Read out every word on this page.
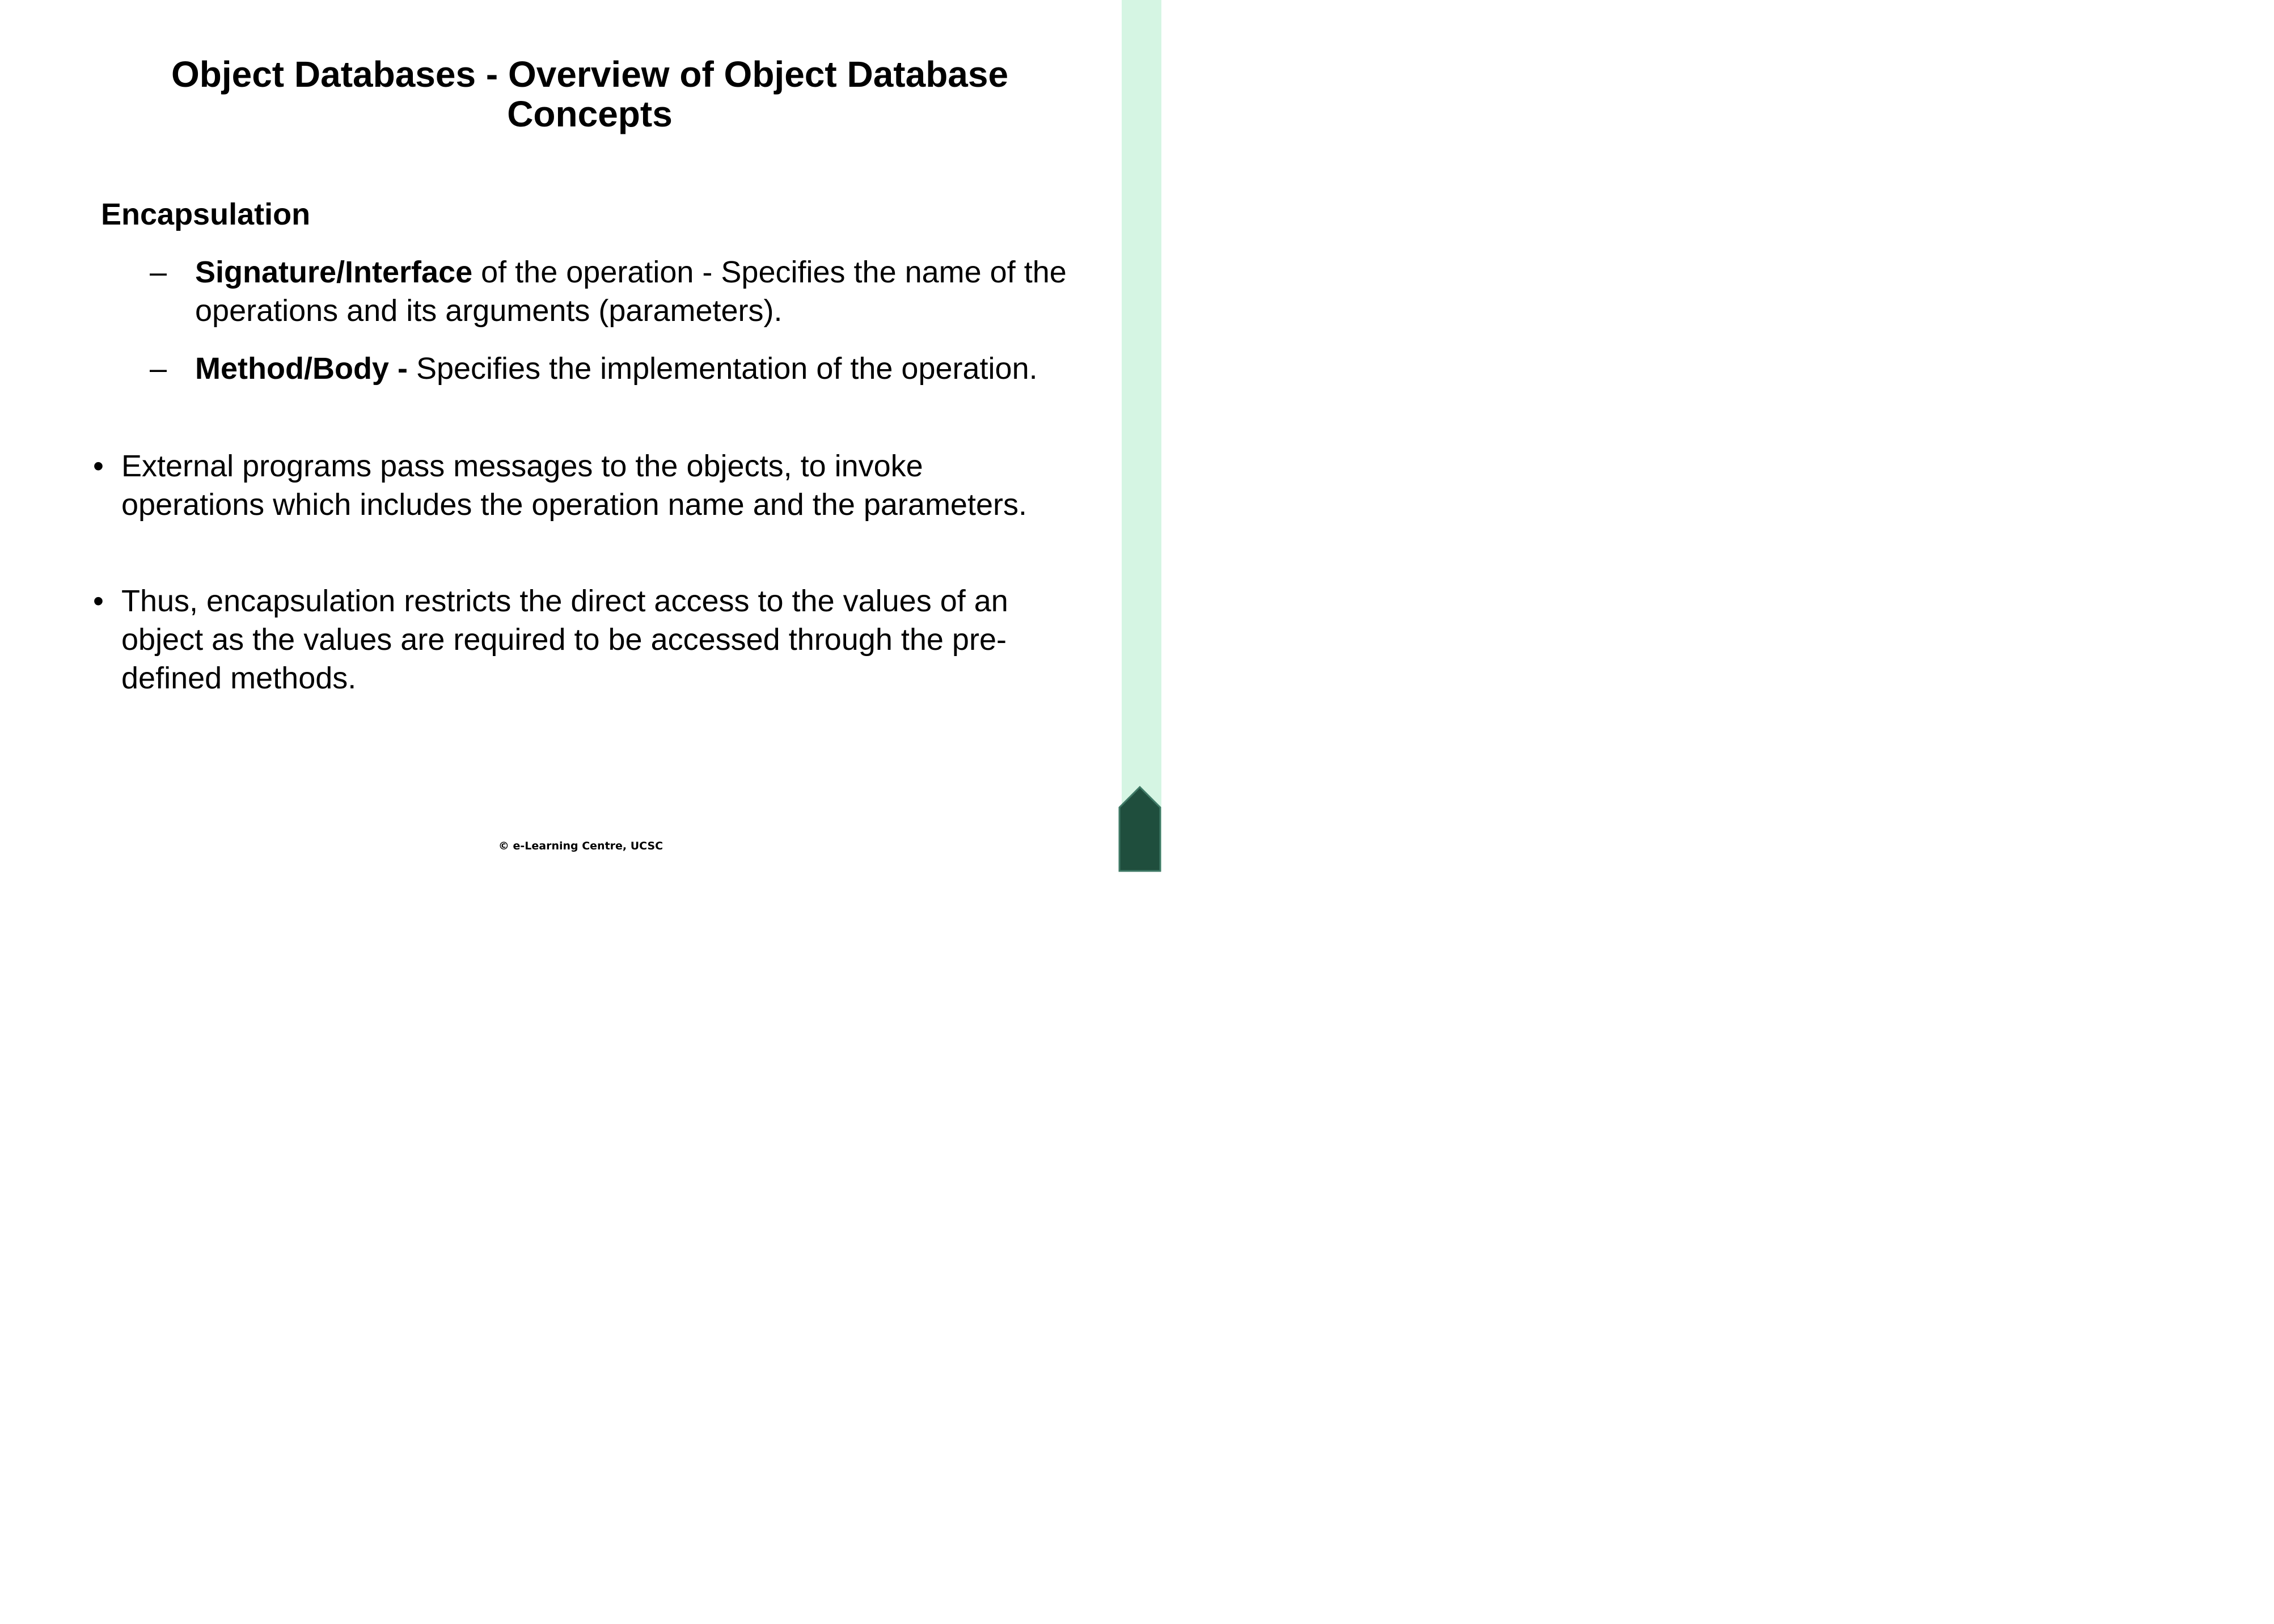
Object Databases - Overview of Object Database Concepts
Encapsulation
– Signature/Interface of the operation - Specifies the name of the operations and its arguments (parameters).
– Method/Body - Specifies the implementation of the operation.
• External programs pass messages to the objects, to invoke operations which includes the operation name and the parameters.
• Thus, encapsulation restricts the direct access to the values of an object as the values are required to be accessed through the pre-defined methods.
© e-Learning Centre, UCSC
27
